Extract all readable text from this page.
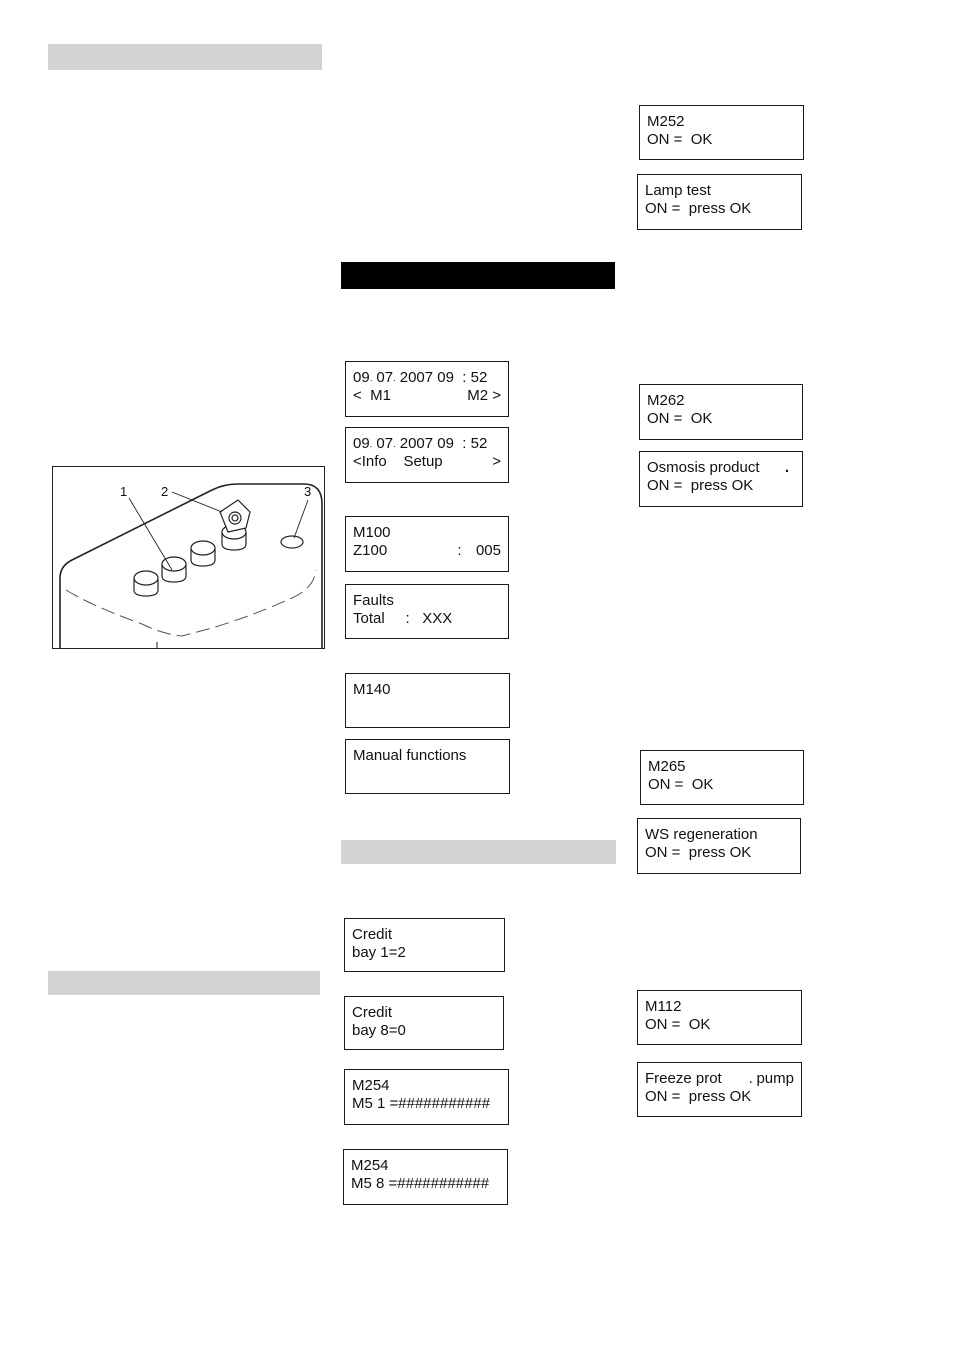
1	2	3
09 .
07 .
2007 09  : 52
<  M1	M2 >
09 .
07 .
2007 09  : 52
<Info    Setup	>
M100
Z100	: 005
Faults
Total     :   XXX
M140
Manual functions
Credit
bay 1=2
Credit
bay 8=0
M254
M5 1 =###########
M254
M5 8 =###########
M252
ON =  OK
Lamp test
ON =  press OK
M262
ON =  OK
Osmosis product .
ON =  press OK
M265
ON =  OK
WS regeneration
ON =  press OK
M112
ON =  OK
Freeze prot	. pump
ON =  press OK
